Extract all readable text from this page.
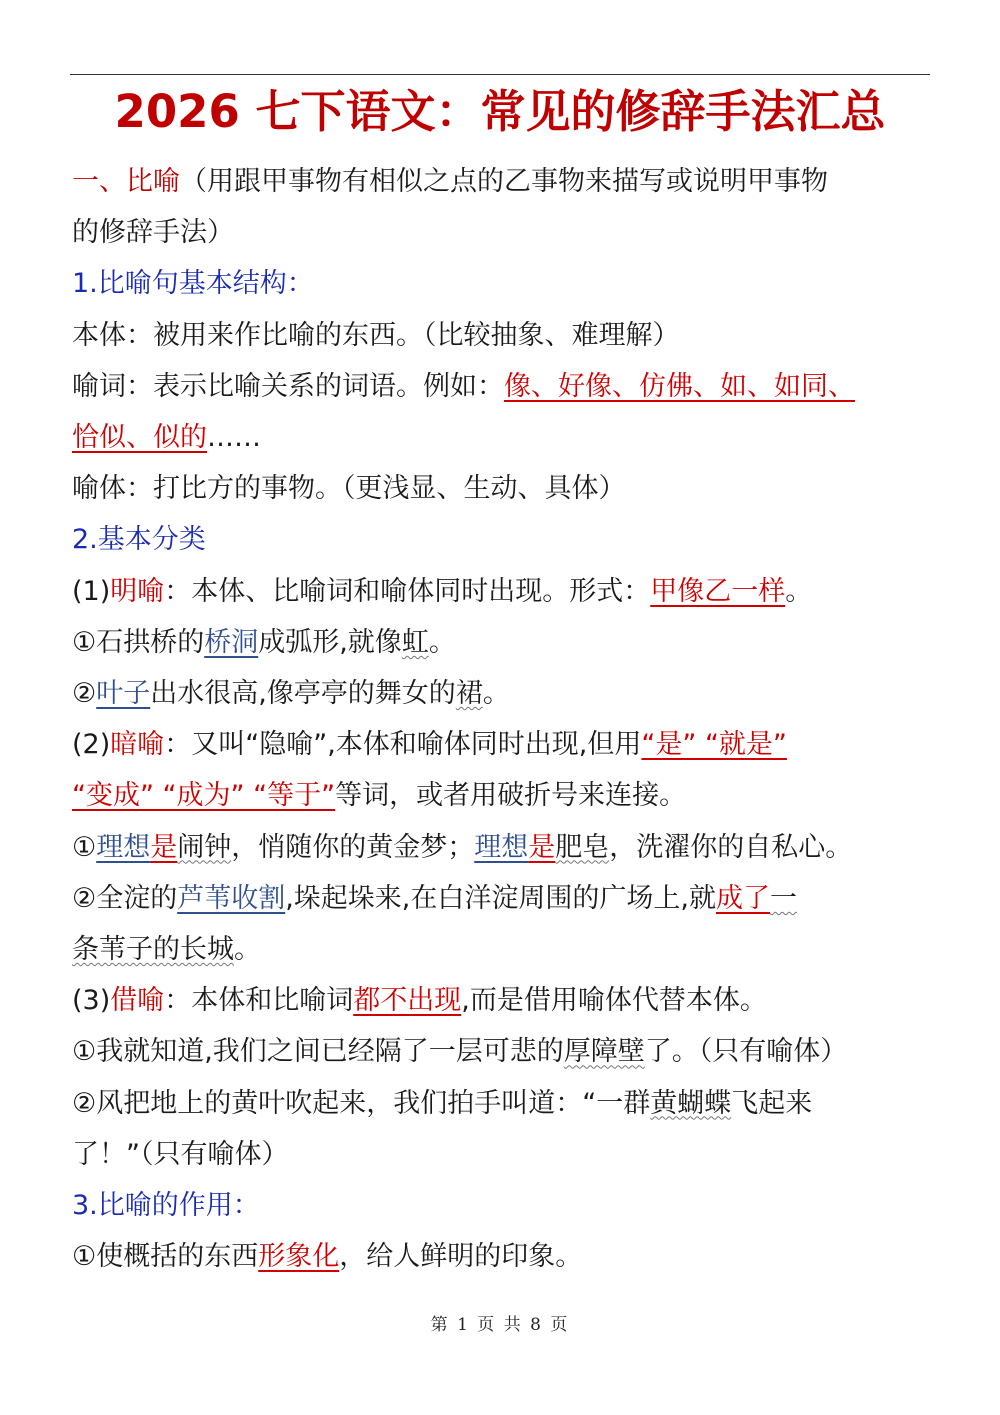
2026 七下语文：常见的修辞手法汇总
一、比喻（用跟甲事物有相似之点的乙事物来描写或说明甲事物
的修辞手法）
1.比喻句基本结构：
本体：被用来作比喻的东西。（比较抽象、难理解）
喻词：表示比喻关系的词语。例如：像、好像、仿佛、如、如同、
恰似、似的……
喻体：打比方的事物。（更浅显、生动、具体）
2.基本分类
(1)明喻：本体、比喻词和喻体同时出现。形式：甲像乙一样。
①石拱桥的桥洞成弧形,就像虹。
②叶子出水很高,像亭亭的舞女的裙。
(2)暗喻：又叫“隐喻”,本体和喻体同时出现,但用“是” “就是”
“变成” “成为” “等于”等词，或者用破折号来连接。
①理想是闹钟，悄随你的黄金梦；理想是肥皂，洗濯你的自私心。
②全淀的芦苇收割,垛起垛来,在白洋淀周围的广场上,就成了一
条苇子的长城。
(3)借喻：本体和比喻词都不出现,而是借用喻体代替本体。
①我就知道,我们之间已经隔了一层可悲的厚障壁了。（只有喻体）
②风把地上的黄叶吹起来，我们拍手叫道：“一群黄蝴蝶飞起来
了！”（只有喻体）
3.比喻的作用：
①使概括的东西形象化，给人鲜明的印象。
第 1 页 共 8 页
